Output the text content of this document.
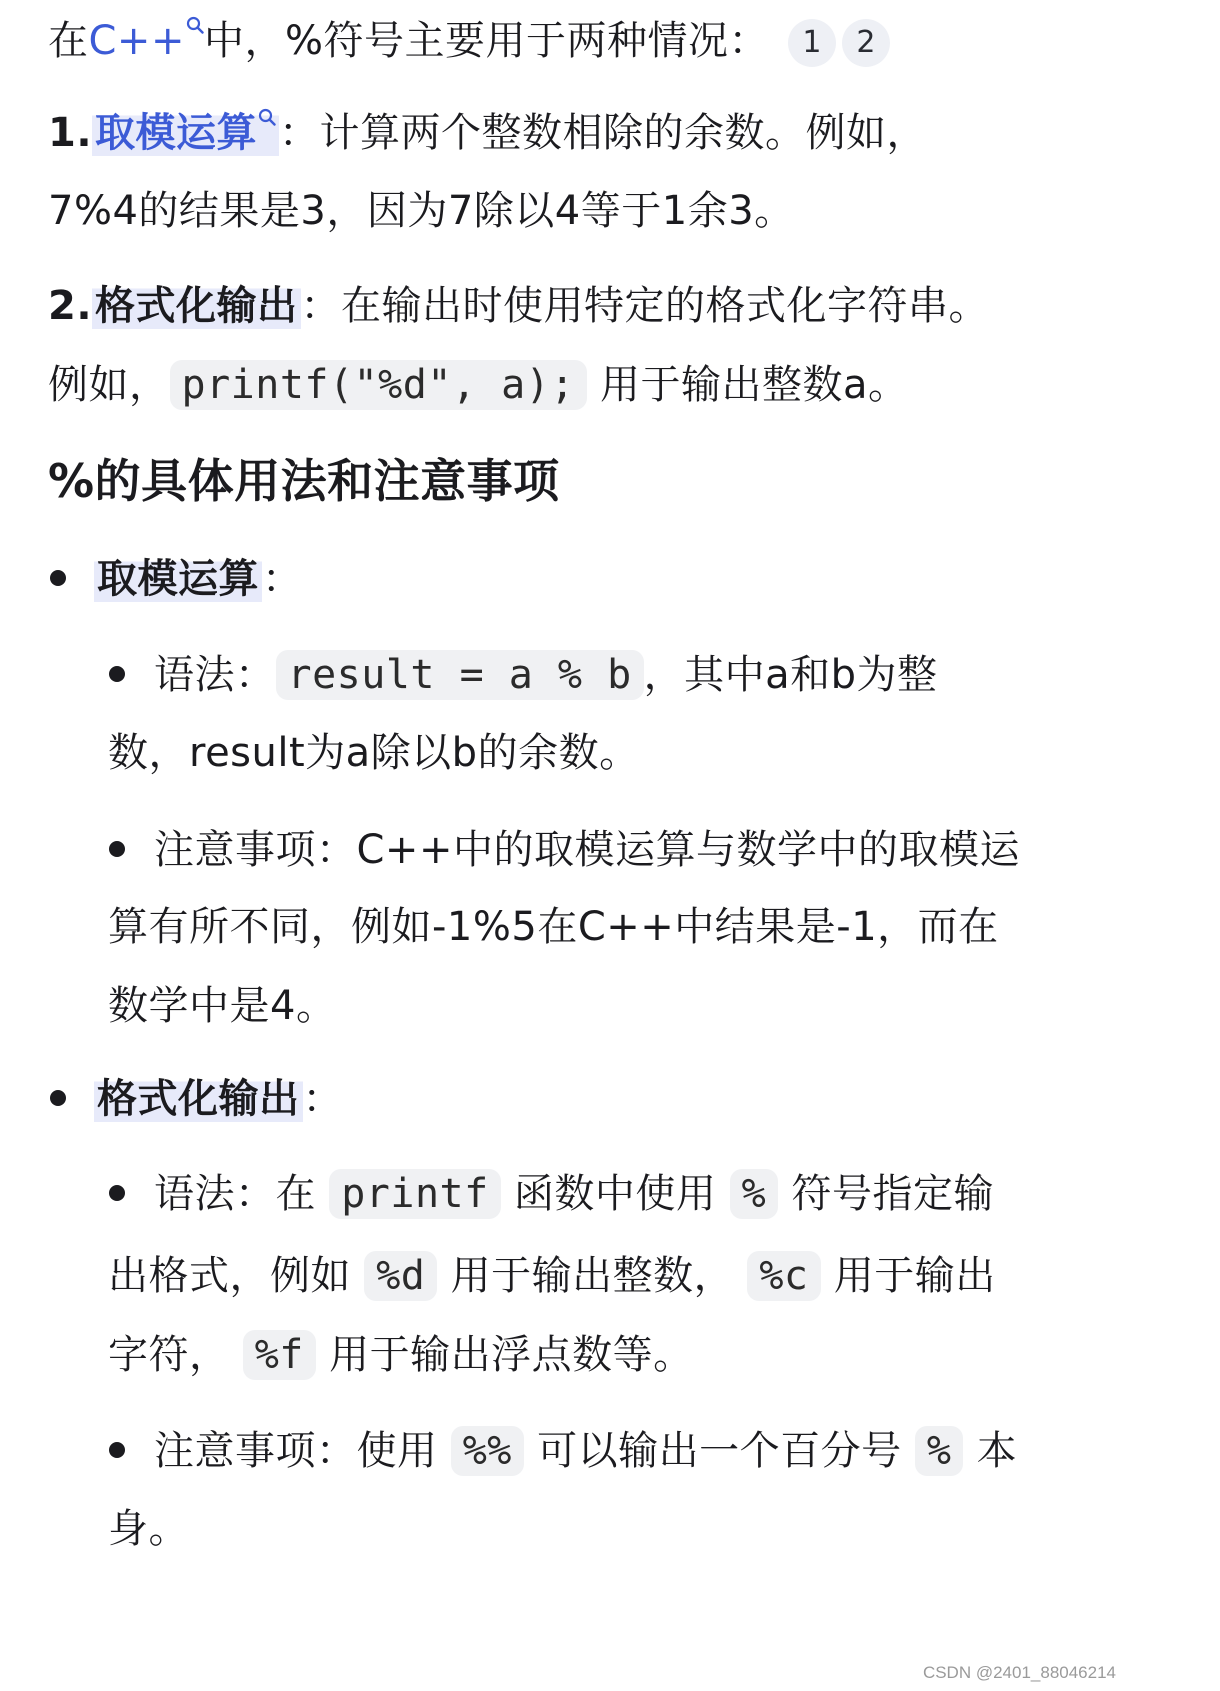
在C++ 中，%符号主要用于两种情况： 1 2
1.取模运算 ：计算两个整数相除的余数。例如，
7%4的结果是3，因为7除以4等于1余3。
2.格式化输出：在输出时使用特定的格式化字符串。
例如， printf("%d", a); 用于输出整数a。
%的具体用法和注意事项
取模运算：
语法： result = a % b ，其中a和b为整
数，result为a除以b的余数。
注意事项：C++中的取模运算与数学中的取模运
算有所不同，例如-1%5在C++中结果是-1，而在
数学中是4。
格式化输出：
语法：在 printf 函数中使用 % 符号指定输
出格式，例如 %d 用于输出整数， %c 用于输出
字符， %f 用于输出浮点数等。
注意事项：使用 %% 可以输出一个百分号 % 本
身。
CSDN @2401_88046214
